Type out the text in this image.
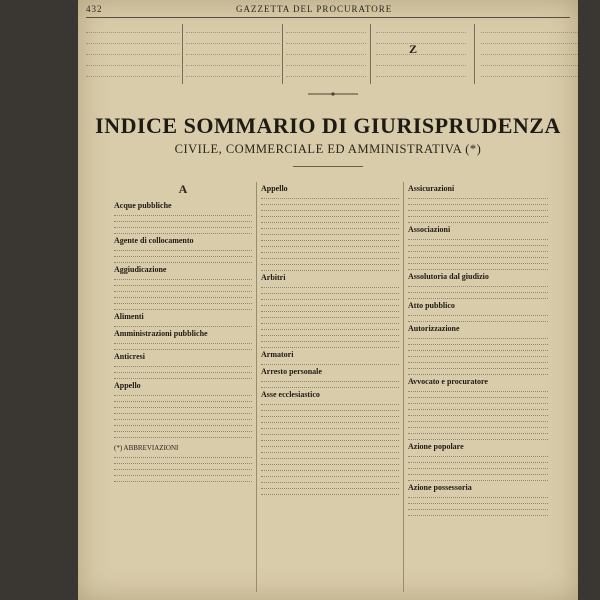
432	GAZZETTA DEL PROCURATORE
Z
INDICE SOMMARIO DI GIURISPRUDENZA
CIVILE, COMMERCIALE ED AMMINISTRATIVA (*)
A
Acque pubbliche
Agente di collocamento
Aggiudicazione
Alimenti
Amministrazioni pubbliche
Anticresi
Appello
(*) ABBREVIAZIONI
Appello
Arbitri
Armatori
Arresto personale
Asse ecclesiastico
Assicurazioni
Associazioni
Assolutoria dal giudizio
Atto pubblico
Autorizzazione
Avvocato e procuratore
Azione popolare
Azione possessoria
